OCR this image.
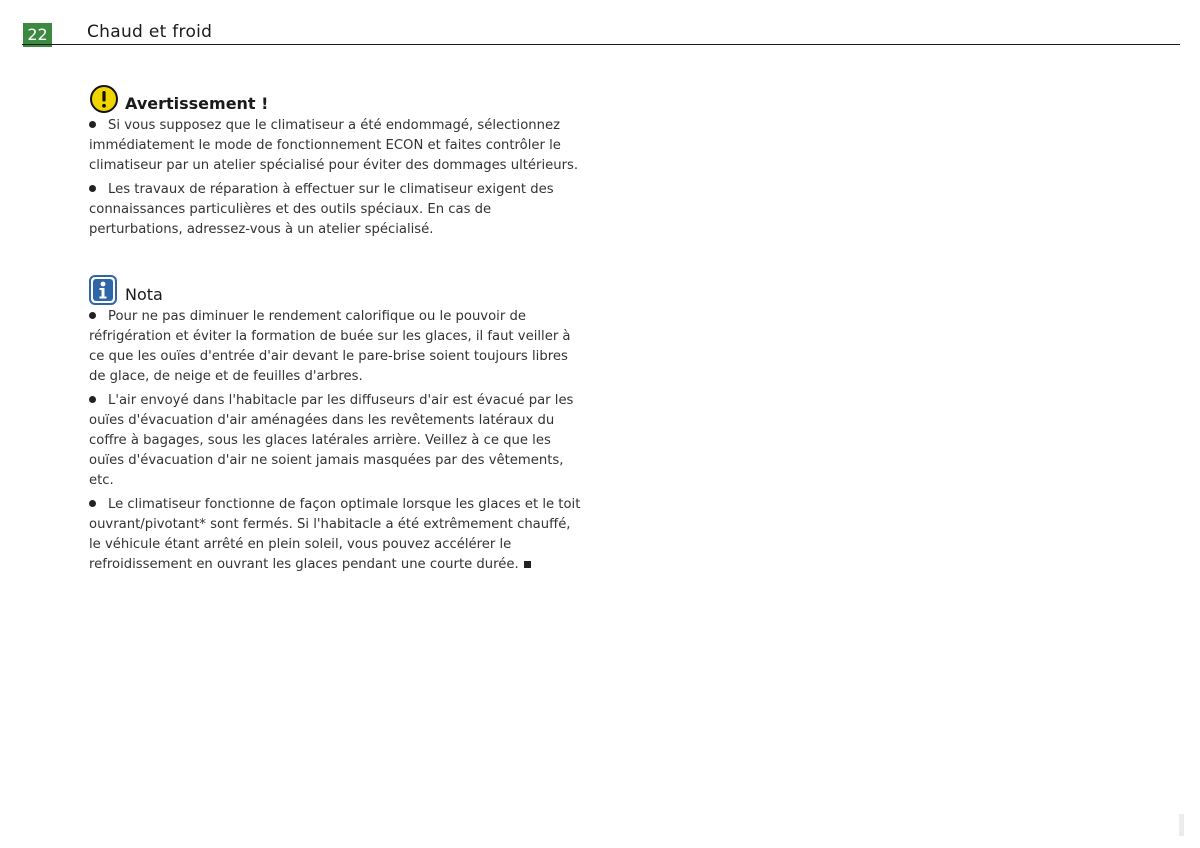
22 Chaud et froid
Avertissement !

Si vous supposez que le climatiseur a été endommagé, sélectionnez immédiatement le mode de fonctionnement ECON et faites contrôler le climatiseur par un atelier spécialisé pour éviter des dommages ultérieurs.

Les travaux de réparation à effectuer sur le climatiseur exigent des connaissances particulières et des outils spéciaux. En cas de perturbations, adressez-vous à un atelier spécialisé.

Nota

Pour ne pas diminuer le rendement calorifique ou le pouvoir de réfrigération et éviter la formation de buée sur les glaces, il faut veiller à ce que les ouïes d'entrée d'air devant le pare-brise soient toujours libres de glace, de neige et de feuilles d'arbres.

L'air envoyé dans l'habitacle par les diffuseurs d'air est évacué par les ouïes d'évacuation d'air aménagées dans les revêtements latéraux du coffre à bagages, sous les glaces latérales arrière. Veillez à ce que les ouïes d'évacuation d'air ne soient jamais masquées par des vêtements, etc.

Le climatiseur fonctionne de façon optimale lorsque les glaces et le toit ouvrant/pivotant* sont fermés. Si l'habitacle a été extrêmement chauffé, le véhicule étant arrêté en plein soleil, vous pouvez accélérer le refroidissement en ouvrant les glaces pendant une courte durée.
